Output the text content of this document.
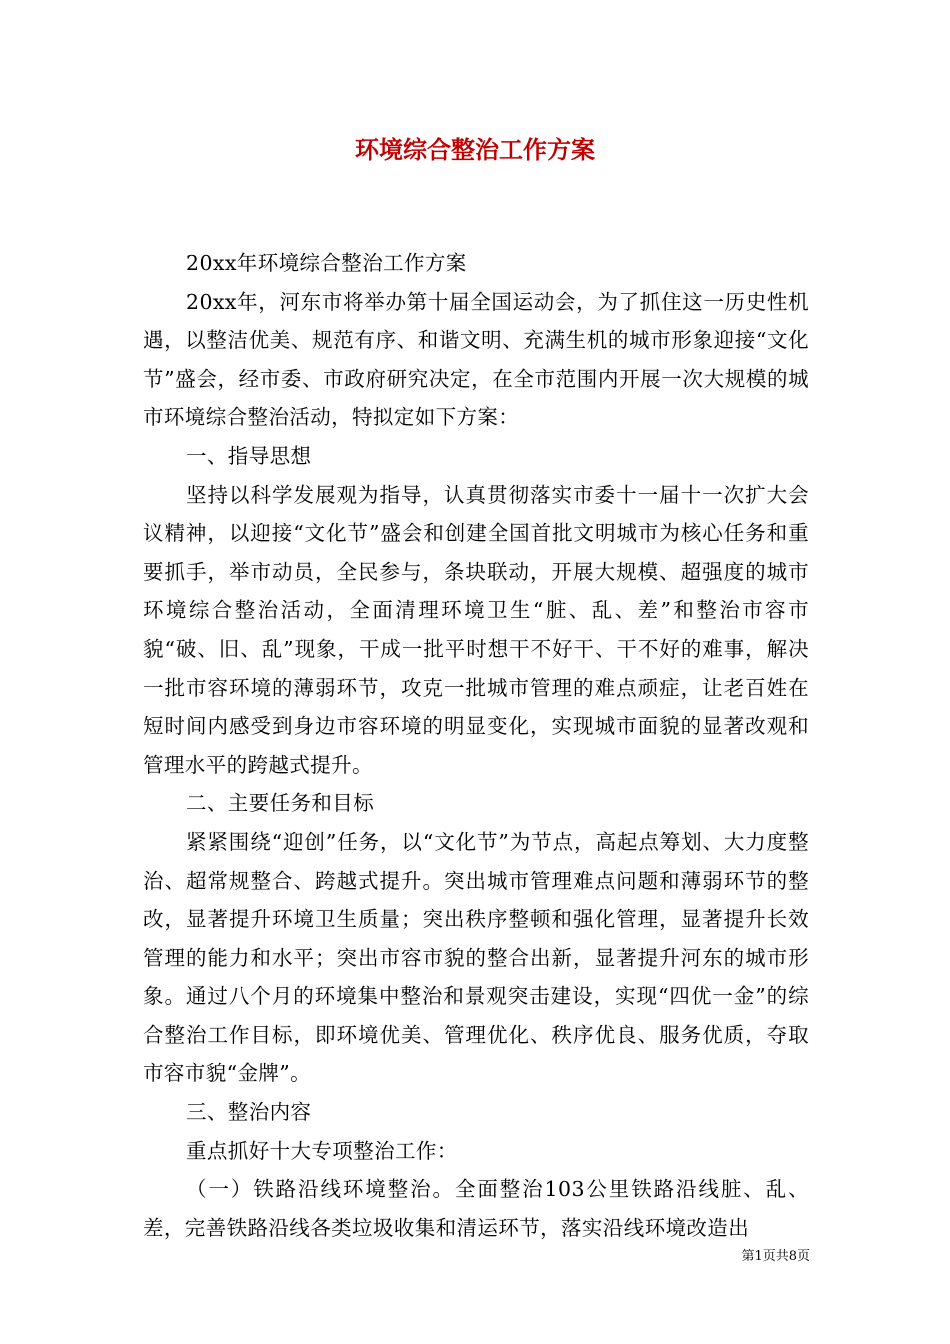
环境综合整治工作方案

20xx年环境综合整治工作方案

20xx年，河东市将举办第十届全国运动会，为了抓住这一历史性机遇，以整洁优美、规范有序、和谐文明、充满生机的城市形象迎接“文化节”盛会，经市委、市政府研究决定，在全市范围内开展一次大规模的城市环境综合整治活动，特拟定如下方案：

一、指导思想

坚持以科学发展观为指导，认真贯彻落实市委十一届十一次扩大会议精神，以迎接“文化节”盛会和创建全国首批文明城市为核心任务和重要抓手，举市动员，全民参与，条块联动，开展大规模、超强度的城市环境综合整治活动，全面清理环境卫生“脏、乱、差”和整治市容市貌“破、旧、乱”现象，干成一批平时想干不好干、干不好的难事，解决一批市容环境的薄弱环节，攻克一批城市管理的难点顽症，让老百姓在短时间内感受到身边市容环境的明显变化，实现城市面貌的显著改观和管理水平的跨越式提升。

二、主要任务和目标

紧紧围绕“迎创”任务，以“文化节”为节点，高起点筹划、大力度整治、超常规整合、跨越式提升。突出城市管理难点问题和薄弱环节的整改，显著提升环境卫生质量；突出秩序整顿和强化管理，显著提升长效管理的能力和水平；突出市容市貌的整合出新，显著提升河东的城市形象。通过八个月的环境集中整治和景观突击建设，实现“四优一金”的综合整治工作目标，即环境优美、管理优化、秩序优良、服务优质，夺取市容市貌“金牌”。

三、整治内容

重点抓好十大专项整治工作：

（一）铁路沿线环境整治。全面整治103公里铁路沿线脏、乱、差，完善铁路沿线各类垃圾收集和清运环节，落实沿线环境改造出

第1页共8页
